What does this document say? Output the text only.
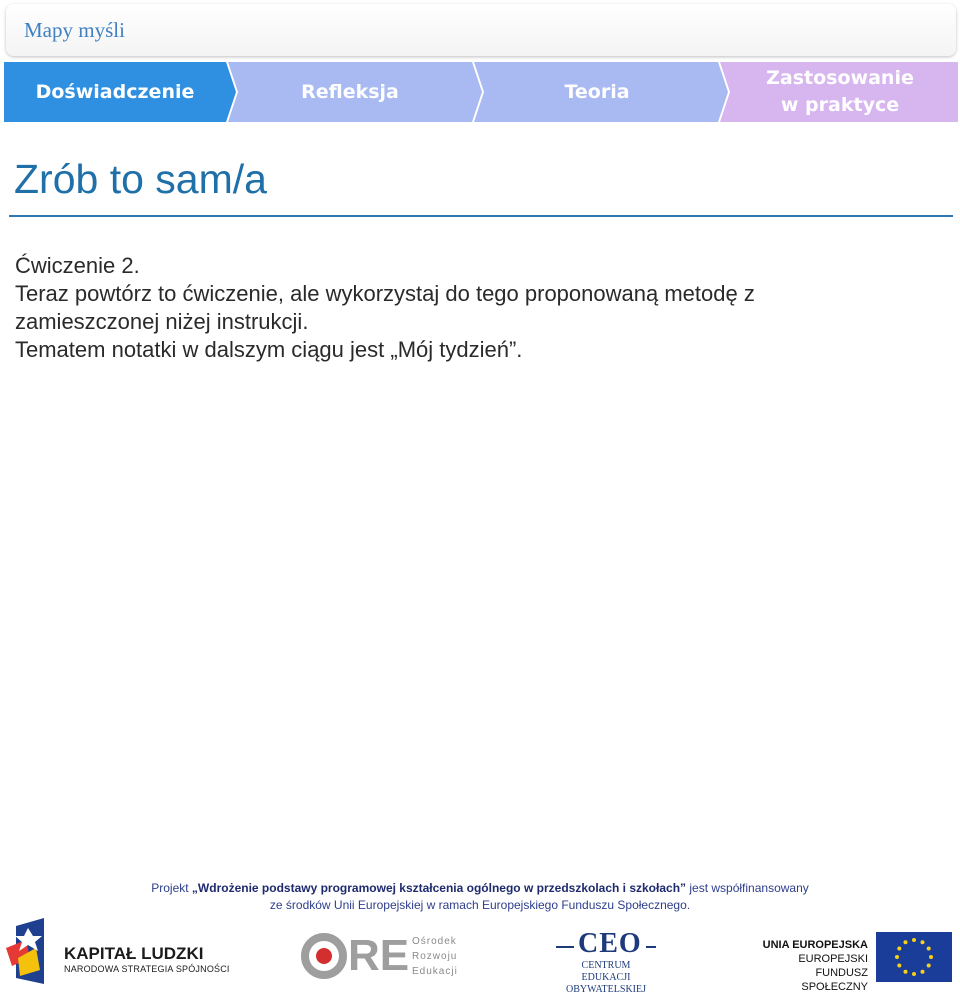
Mapy myśli
Doświadczenie	Refleksja	Teoria
Zastosowanie
w praktyce
Zrób to sam/a
Ćwiczenie 2.
Teraz powtórz to ćwiczenie, ale wykorzystaj do tego proponowaną metodę z
zamieszczonej niżej instrukcji.
Tematem notatki w dalszym ciągu jest „Mój tydzień”.
Projekt „Wdrożenie podstawy programowej kształcenia ogólnego w przedszkolach i szkołach” jest współfinansowany
ze środków Unii Europejskiej w ramach Europejskiego Funduszu Społecznego.
KAPITAŁ LUDZKI
NARODOWA STRATEGIA SPÓJNOŚCI	RE Ośrodek
Rozwoju
Edukacji
CEO
CENTRUM EDUKACJI
OBYWATELSKIEJ
UNIA EUROPEJSKA
EUROPEJSKI
FUNDUSZ SPOŁECZNY
